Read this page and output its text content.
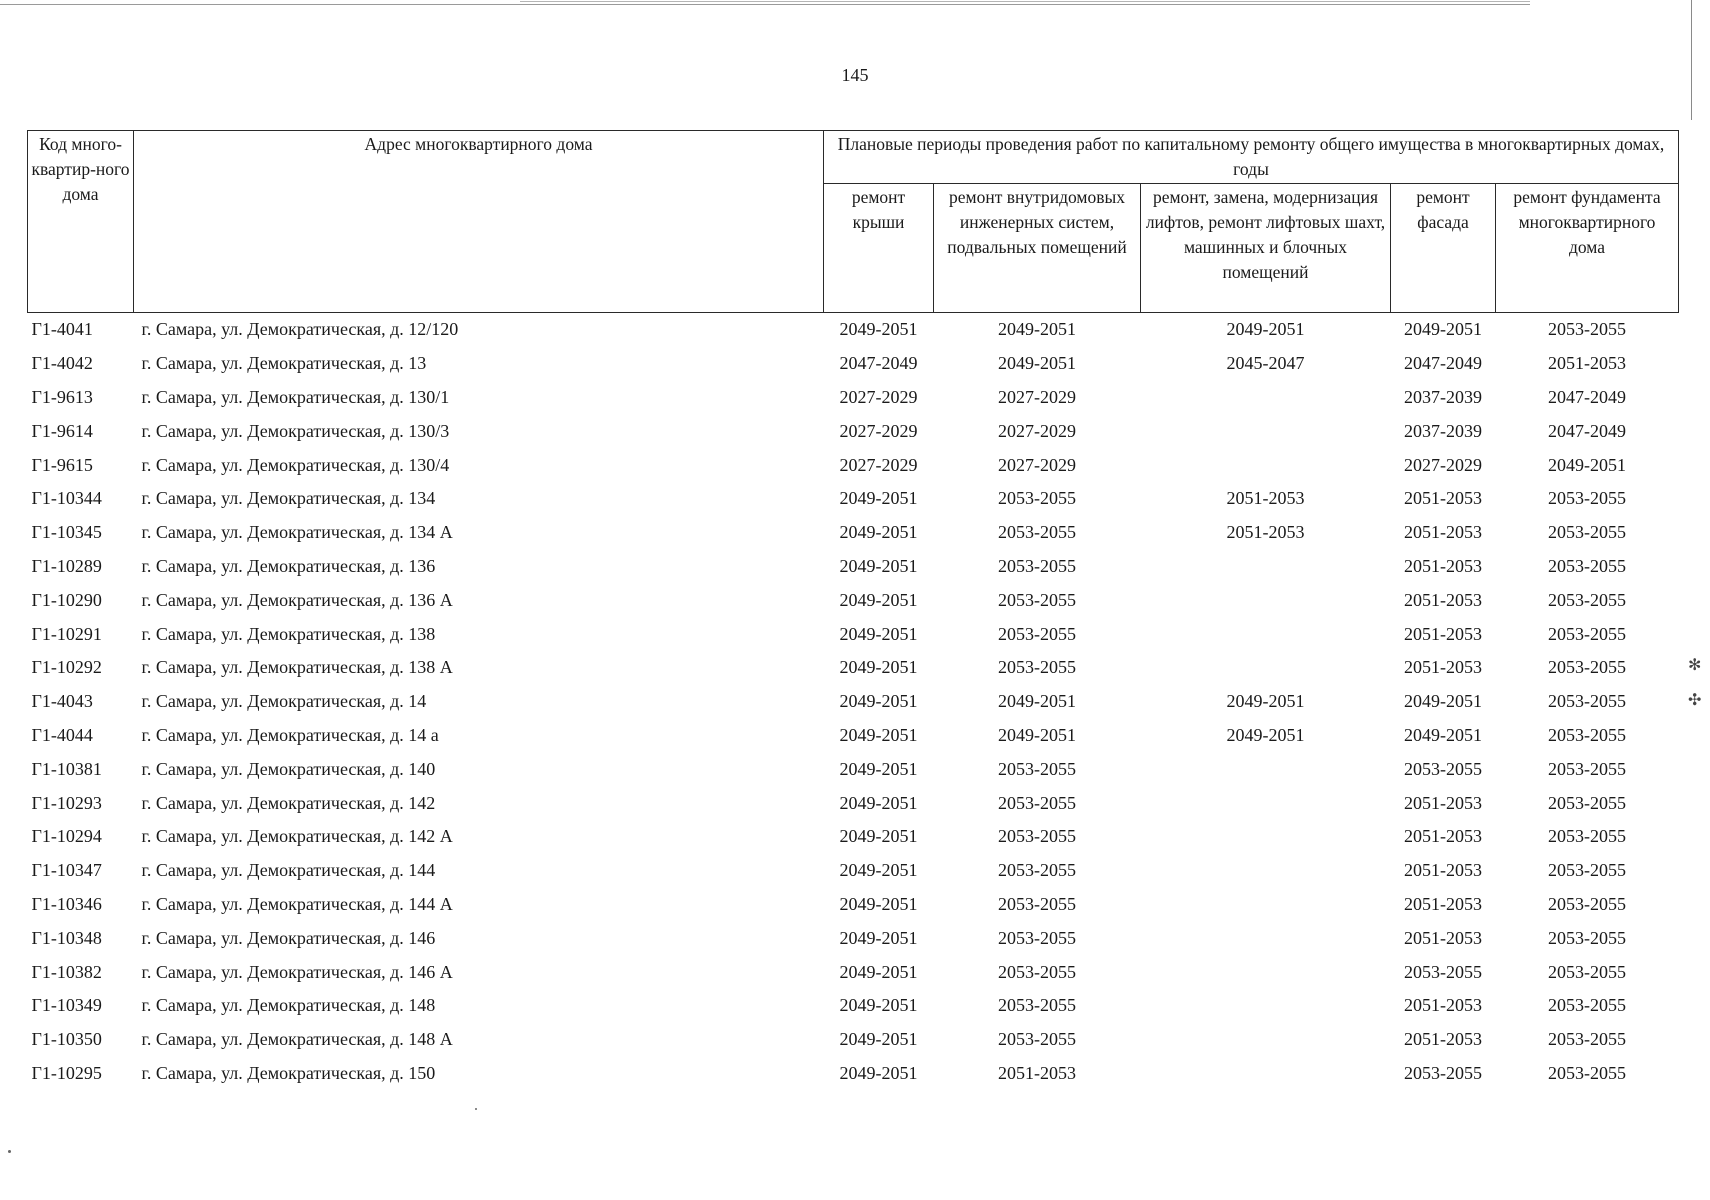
145
Код много-квартир-ного дома	Адрес многоквартирного дома	Плановые периоды проведения работ по капитальному ремонту общего имущества в многоквартирных домах, годы				
		ремонт крыши	ремонт внутридомовых инженерных систем, подвальных помещений	ремонт, замена, модернизация лифтов, ремонт лифтовых шахт, машинных и блочных помещений	ремонт фасада	ремонт фундамента многоквартирного дома
Г1-4041	г. Самара, ул. Демократическая, д. 12/120	2049-2051	2049-2051	2049-2051	2049-2051	2053-2055
Г1-4042	г. Самара, ул. Демократическая, д. 13	2047-2049	2049-2051	2045-2047	2047-2049	2051-2053
Г1-9613	г. Самара, ул. Демократическая, д. 130/1	2027-2029	2027-2029		2037-2039	2047-2049
Г1-9614	г. Самара, ул. Демократическая, д. 130/3	2027-2029	2027-2029		2037-2039	2047-2049
Г1-9615	г. Самара, ул. Демократическая, д. 130/4	2027-2029	2027-2029		2027-2029	2049-2051
Г1-10344	г. Самара, ул. Демократическая, д. 134	2049-2051	2053-2055	2051-2053	2051-2053	2053-2055
Г1-10345	г. Самара, ул. Демократическая, д. 134 А	2049-2051	2053-2055	2051-2053	2051-2053	2053-2055
Г1-10289	г. Самара, ул. Демократическая, д. 136	2049-2051	2053-2055		2051-2053	2053-2055
Г1-10290	г. Самара, ул. Демократическая, д. 136 А	2049-2051	2053-2055		2051-2053	2053-2055
Г1-10291	г. Самара, ул. Демократическая, д. 138	2049-2051	2053-2055		2051-2053	2053-2055
Г1-10292	г. Самара, ул. Демократическая, д. 138 А	2049-2051	2053-2055		2051-2053	2053-2055
Г1-4043	г. Самара, ул. Демократическая, д. 14	2049-2051	2049-2051	2049-2051	2049-2051	2053-2055
Г1-4044	г. Самара, ул. Демократическая, д. 14 а	2049-2051	2049-2051	2049-2051	2049-2051	2053-2055
Г1-10381	г. Самара, ул. Демократическая, д. 140	2049-2051	2053-2055		2053-2055	2053-2055
Г1-10293	г. Самара, ул. Демократическая, д. 142	2049-2051	2053-2055		2051-2053	2053-2055
Г1-10294	г. Самара, ул. Демократическая, д. 142 А	2049-2051	2053-2055		2051-2053	2053-2055
Г1-10347	г. Самара, ул. Демократическая, д. 144	2049-2051	2053-2055		2051-2053	2053-2055
Г1-10346	г. Самара, ул. Демократическая, д. 144 А	2049-2051	2053-2055		2051-2053	2053-2055
Г1-10348	г. Самара, ул. Демократическая, д. 146	2049-2051	2053-2055		2051-2053	2053-2055
Г1-10382	г. Самара, ул. Демократическая, д. 146 А	2049-2051	2053-2055		2053-2055	2053-2055
Г1-10349	г. Самара, ул. Демократическая, д. 148	2049-2051	2053-2055		2051-2053	2053-2055
Г1-10350	г. Самара, ул. Демократическая, д. 148 А	2049-2051	2053-2055		2051-2053	2053-2055
Г1-10295	г. Самара, ул. Демократическая, д. 150	2049-2051	2051-2053		2053-2055	2053-2055
✻
✣
